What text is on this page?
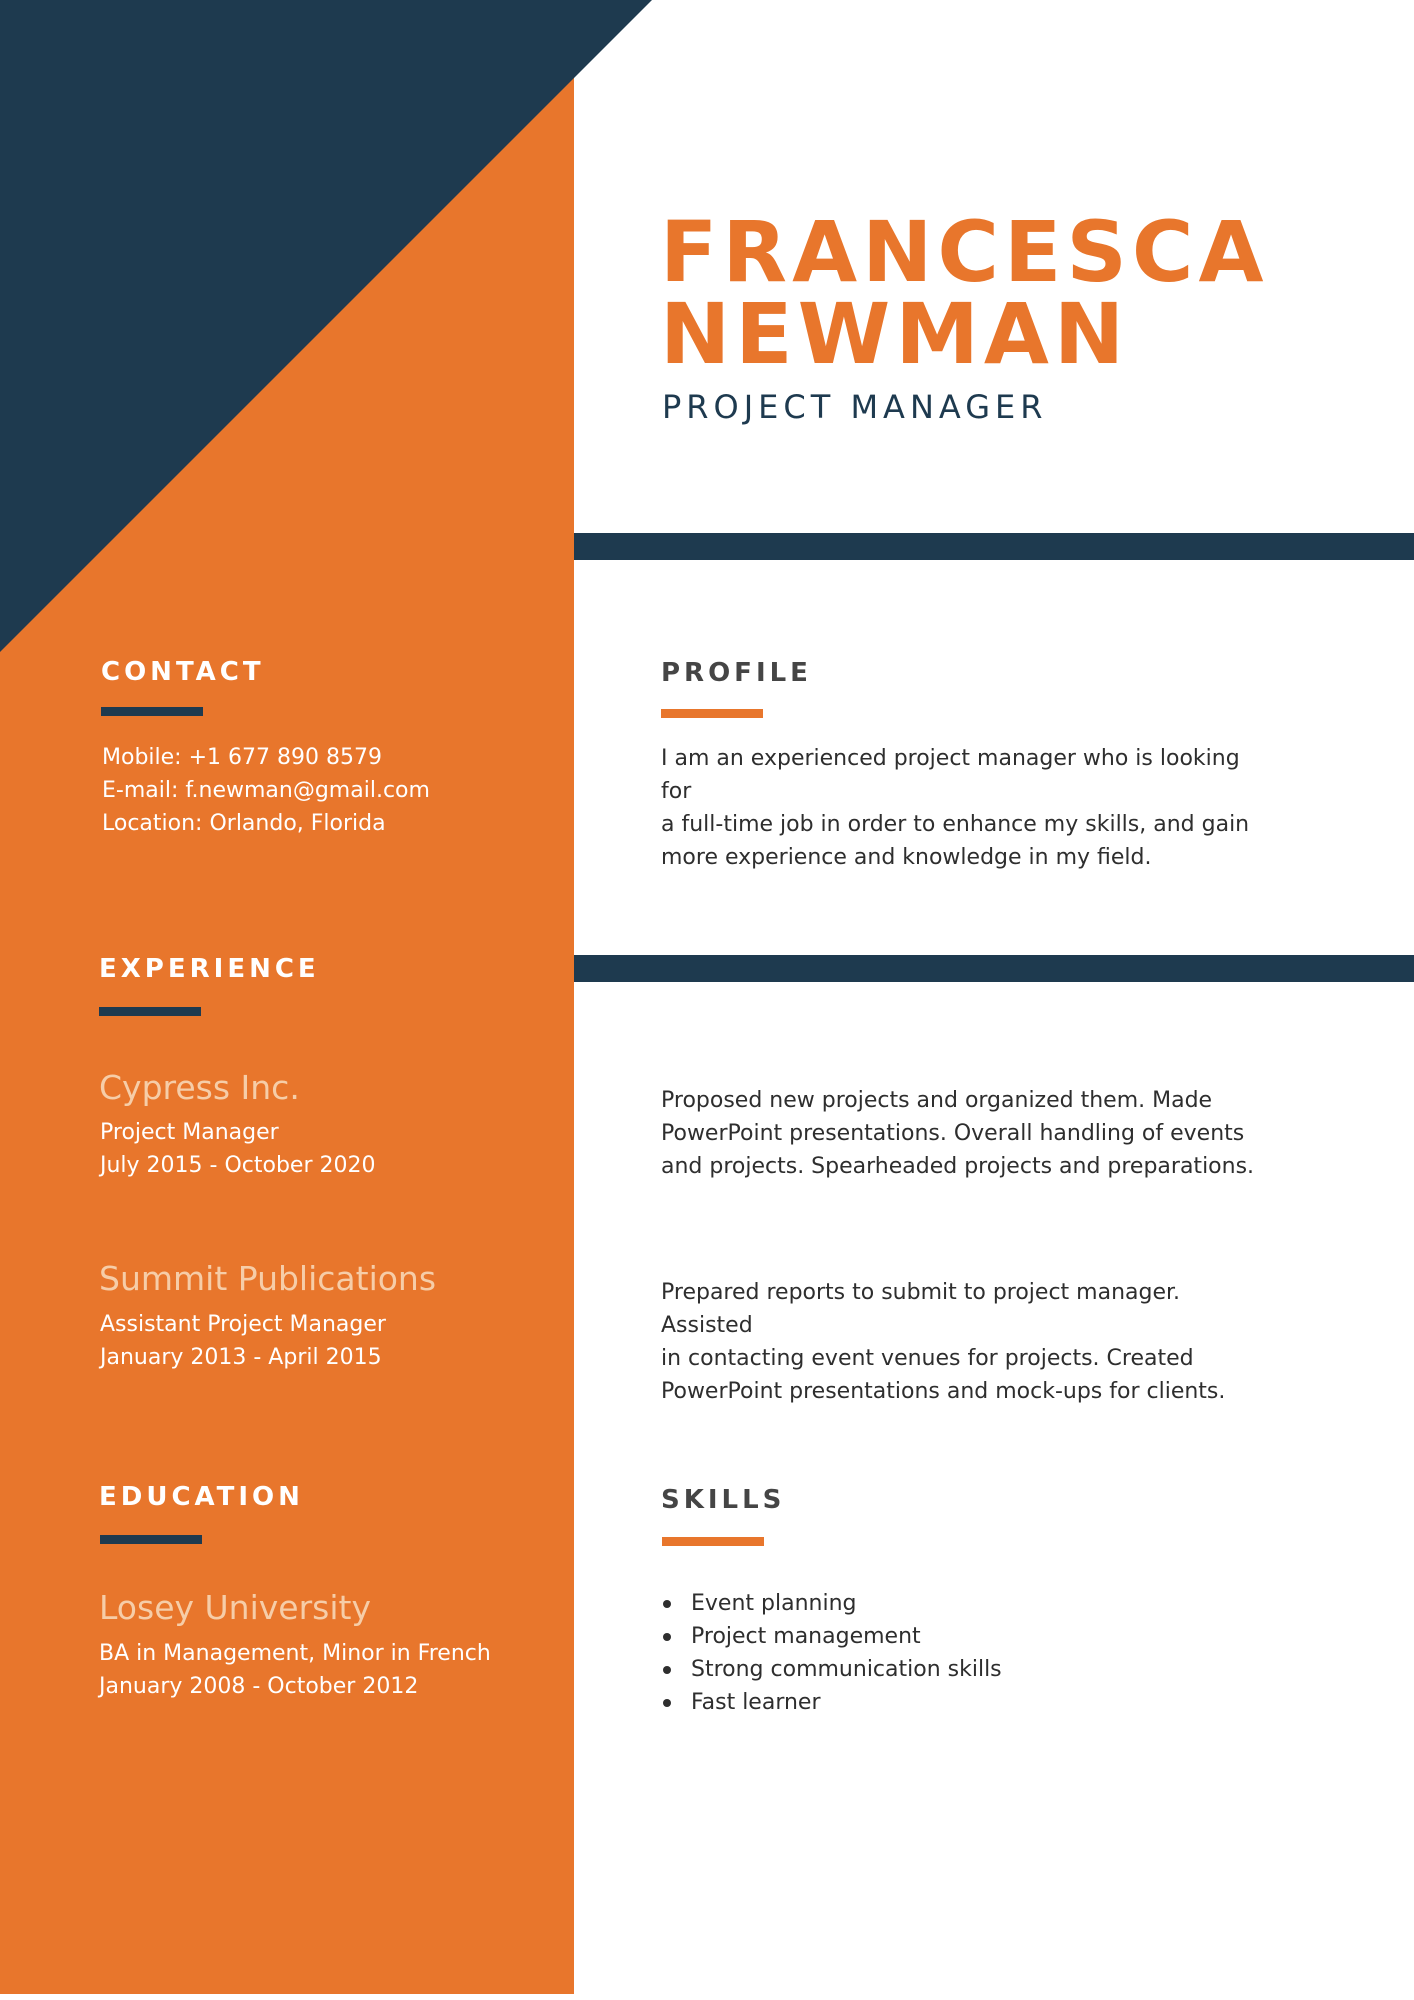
FRANCESCA
NEWMAN
PROJECT MANAGER
CONTACT
Mobile: +1 677 890 8579
E-mail: f.newman@gmail.com
Location: Orlando, Florida
PROFILE
I am an experienced project manager who is looking for
a full-time job in order to enhance my skills, and gain
more experience and knowledge in my field.
EXPERIENCE
Cypress Inc.
Project Manager
July 2015 - October 2020
Proposed new projects and organized them. Made
PowerPoint presentations. Overall handling of events
and projects. Spearheaded projects and preparations.
Summit Publications
Assistant Project Manager
January 2013 - April 2015
Prepared reports to submit to project manager. Assisted
in contacting event venues for projects. Created
PowerPoint presentations and mock-ups for clients.
EDUCATION
Losey University
BA in Management, Minor in French
January 2008 - October 2012
SKILLS
Event planning
Project management
Strong communication skills
Fast learner
